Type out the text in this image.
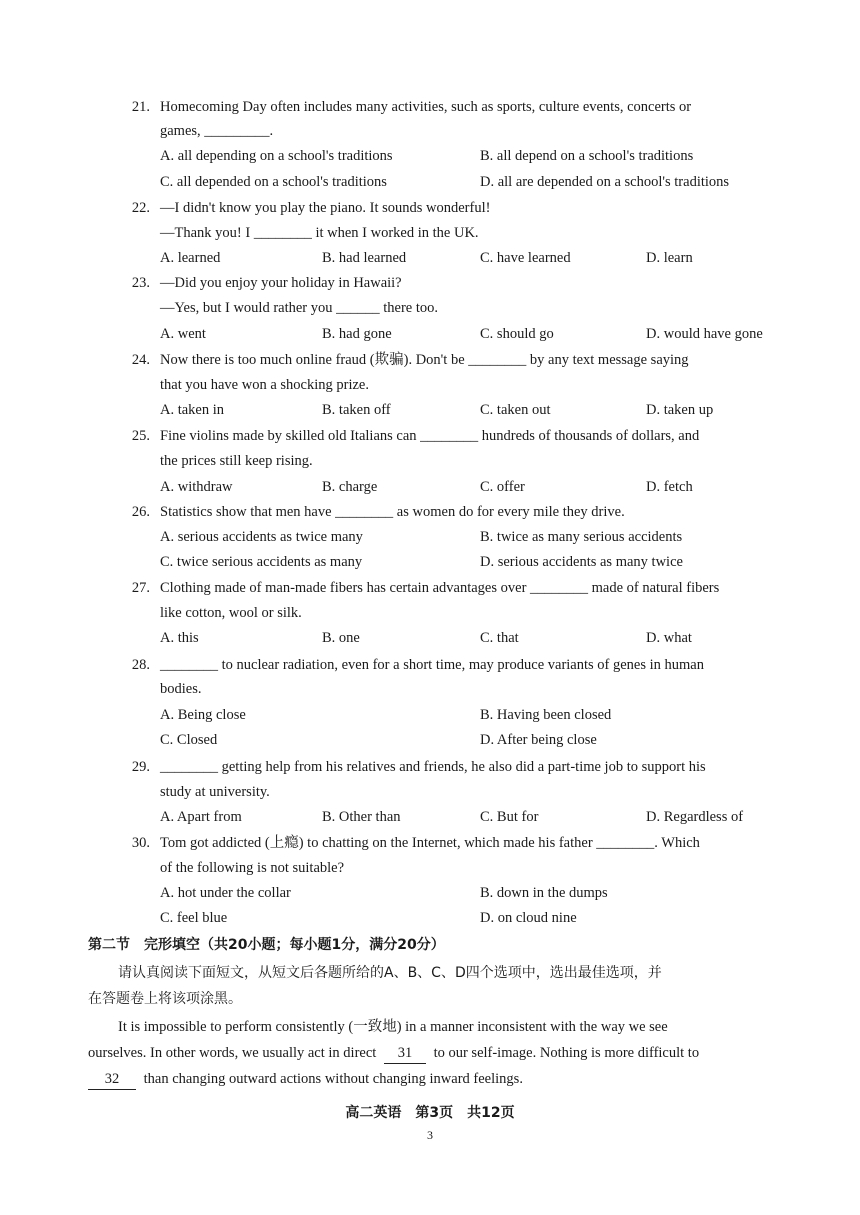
21. Homecoming Day often includes many activities, such as sports, culture events, concerts or
games, _________.
A. all depending on a school's traditions	B. all depend on a school's traditions
C. all depended on a school's traditions	D. all are depended on a school's traditions
22. —I didn't know you play the piano. It sounds wonderful!
—Thank you! I ________ it when I worked in the UK.
A. learned	B. had learned	C. have learned	D. learn
23. —Did you enjoy your holiday in Hawaii?
—Yes, but I would rather you ______ there too.
A. went	B. had gone	C. should go	D. would have gone
24. Now there is too much online fraud (欺骗). Don't be ________ by any text message saying
that you have won a shocking prize.
A. taken in	B. taken off	C. taken out	D. taken up
25. Fine violins made by skilled old Italians can ________ hundreds of thousands of dollars, and
the prices still keep rising.
A. withdraw	B. charge	C. offer	D. fetch
26. Statistics show that men have ________ as women do for every mile they drive.
A. serious accidents as twice many	B. twice as many serious accidents
C. twice serious accidents as many	D. serious accidents as many twice
27. Clothing made of man-made fibers has certain advantages over ________ made of natural fibers
like cotton, wool or silk.
A. this	B. one	C. that	D. what
28. ________ to nuclear radiation, even for a short time, may produce variants of genes in human
bodies.
A. Being close	B. Having been closed
C. Closed	D. After being close
29. ________ getting help from his relatives and friends, he also did a part-time job to support his
study at university.
A. Apart from	B. Other than	C. But for	D. Regardless of
30. Tom got addicted (上瘾) to chatting on the Internet, which made his father ________. Which
of the following is not suitable?
A. hot under the collar	B. down in the dumps
C. feel blue	D. on cloud nine
第二节　完形填空（共20小题；每小题1分，满分20分）
请认真阅读下面短文，从短文后各题所给的A、B、C、D四个选项中，选出最佳选项，并
在答题卷上将该项涂黑。
It is impossible to perform consistently (一致地) in a manner inconsistent with the way we see
ourselves. In other words, we usually act in direct 31 to our self-image. Nothing is more difficult to
32 than changing outward actions without changing inward feelings.
高二英语　第3页　共12页
3
